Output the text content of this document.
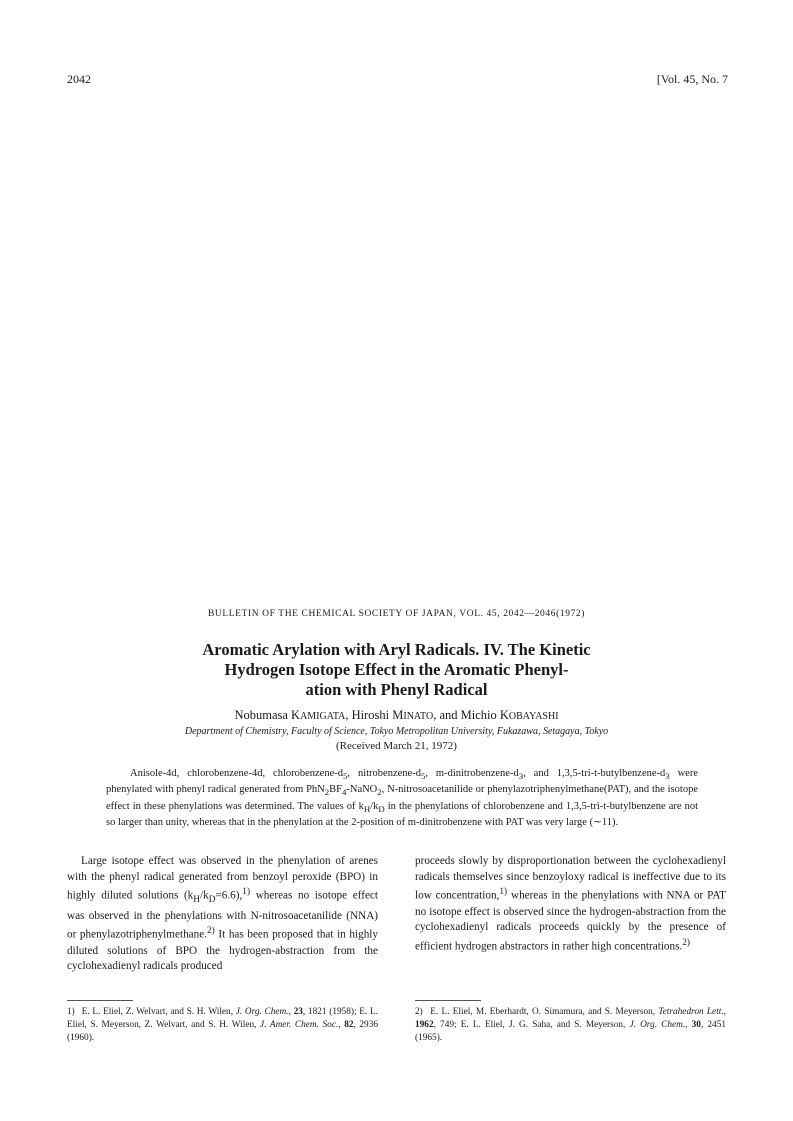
2042	[Vol. 45, No. 7
BULLETIN OF THE CHEMICAL SOCIETY OF JAPAN, VOL. 45, 2042—2046(1972)
Aromatic Arylation with Aryl Radicals. IV. The Kinetic
Hydrogen Isotope Effect in the Aromatic Phenyl-
ation with Phenyl Radical
Nobumasa KAMIGATA, Hiroshi MINATO, and Michio KOBAYASHI
Department of Chemistry, Faculty of Science, Tokyo Metropolitan University, Fukazawa, Setagaya, Tokyo
(Received March 21, 1972)

Anisole-4d, chlorobenzene-4d, chlorobenzene-$d_5$, nitrobenzene-$d_5$, $m-dinitrobenzene-d_3$, and $1,3,5-tri-t-butylbenzene-d_3$ were phenylated with phenyl radical generated from $PhN_2BF_4-NaNO_2$, N-nitrosoacetanilide or phenylazotriphenylmethane(PAT), and the isotope effect in these phenylations was determined. The values of $k_H/k_D$ in the phenylations of chlorobenzene and 1,3,5-tri-t-butylbenzene are not so larger than unity, whereas that in the phenylation at the 2-position of m-dinitrobenzene with PAT was very large (∼11).

Large isotope effect was observed in the phenylation of arenes with the phenyl radical generated from benzoyl peroxide (BPO) in highly diluted solutions $(k_H/k_D=6.6),^{1)}$ whereas no isotope effect was observed in the phenylations with N-nitrosoacetanilide (NNA) or phenylazotriphenylmethane.$^{2)}$ It has been proposed that in highly diluted solutions of BPO the hydrogen-abstraction from the cyclohexadienyl radicals produced

proceeds slowly by disproportionation between the cyclohexadienyl radicals themselves since benzoyloxy radical is ineffective due to its low concentration,$^{1)}$ whereas in the phenylations with NNA or PAT no isotope effect is observed since the hydrogen-abstraction from the cyclohexadienyl radicals proceeds quickly by the presence of efficient hydrogen abstractors in rather high concentrations.$^{2)}$

1) E. L. Eliel, Z. Welvart, and S. H. Wilen, J. Org. Chem., 23, 1821 (1958); E. L. Eliel, S. Meyerson, Z. Welvart, and S. H. Wilen, J. Amer. Chem. Soc., 82, 2936 (1960).

2) E. L. Eliel, M. Eberhardt, O. Simamura, and S. Meyerson, Tetrahedron Lett., 1962, 749; E. L. Eliel, J. G. Saha, and S. Meyerson, J. Org. Chem., 30, 2451 (1965).
